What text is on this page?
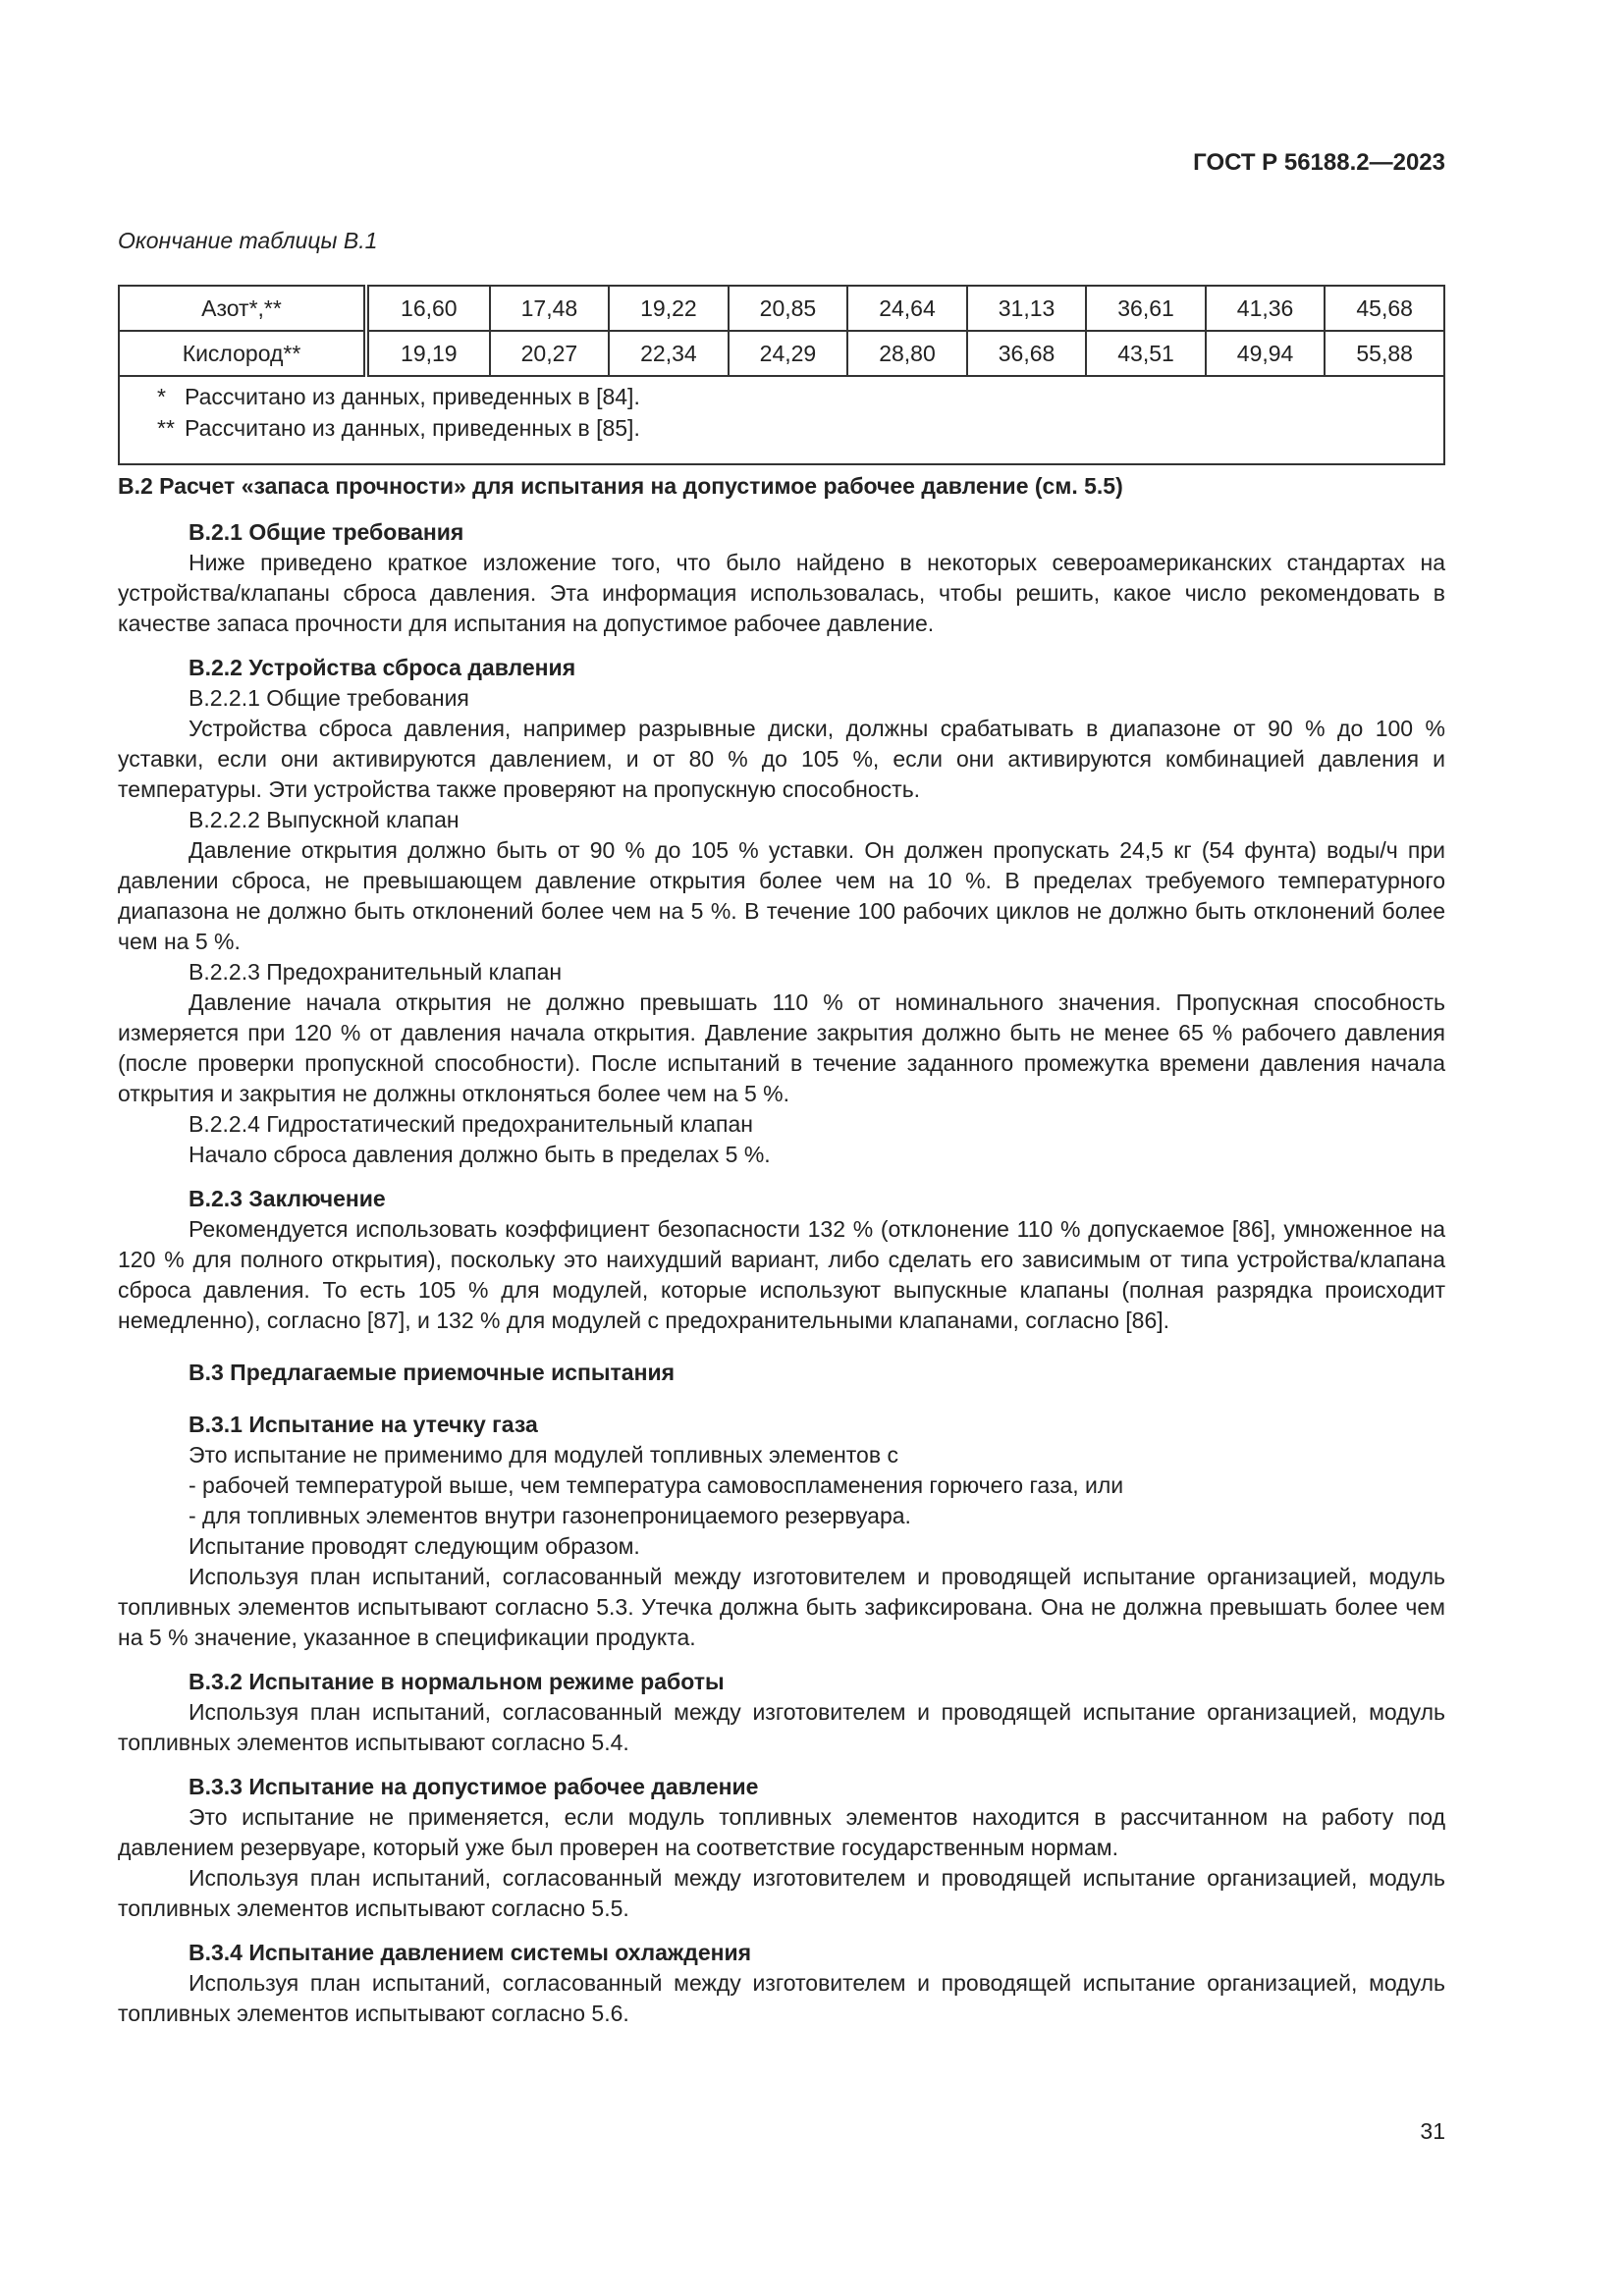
ГОСТ Р 56188.2—2023
Окончание таблицы В.1
Азот*,**	16,60	17,48	19,22	20,85	24,64	31,13	36,61	41,36	45,68
Кислород**	19,19	20,27	22,34	24,29	28,80	36,68	43,51	49,94	55,88

* Рассчитано из данных, приведенных в [84].
** Рассчитано из данных, приведенных в [85].									

В.2 Расчет «запаса прочности» для испытания на допустимое рабочее давление (см. 5.5)

В.2.1 Общие требования

Ниже приведено краткое изложение того, что было найдено в некоторых североамериканских стандартах на устройства/клапаны сброса давления. Эта информация использовалась, чтобы решить, какое число рекомендовать в качестве запаса прочности для испытания на допустимое рабочее давление.

В.2.2 Устройства сброса давления

В.2.2.1 Общие требования

Устройства сброса давления, например разрывные диски, должны срабатывать в диапазоне от 90 % до 100 % уставки, если они активируются давлением, и от 80 % до 105 %, если они активируются комбинацией давления и температуры. Эти устройства также проверяют на пропускную способность.

В.2.2.2 Выпускной клапан

Давление открытия должно быть от 90 % до 105 % уставки. Он должен пропускать 24,5 кг (54 фунта) воды/ч при давлении сброса, не превышающем давление открытия более чем на 10 %. В пределах требуемого температурного диапазона не должно быть отклонений более чем на 5 %. В течение 100 рабочих циклов не должно быть отклонений более чем на 5 %.

В.2.2.3 Предохранительный клапан

Давление начала открытия не должно превышать 110 % от номинального значения. Пропускная способность измеряется при 120 % от давления начала открытия. Давление закрытия должно быть не менее 65 % рабочего давления (после проверки пропускной способности). После испытаний в течение заданного промежутка времени давления начала открытия и закрытия не должны отклоняться более чем на 5 %.

В.2.2.4 Гидростатический предохранительный клапан

Начало сброса давления должно быть в пределах 5 %.

В.2.3 Заключение

Рекомендуется использовать коэффициент безопасности 132 % (отклонение 110 % допускаемое [86], умноженное на 120 % для полного открытия), поскольку это наихудший вариант, либо сделать его зависимым от типа устройства/клапана сброса давления. То есть 105 % для модулей, которые используют выпускные клапаны (полная разрядка происходит немедленно), согласно [87], и 132 % для модулей с предохранительными клапанами, согласно [86].

В.3 Предлагаемые приемочные испытания

В.3.1 Испытание на утечку газа

Это испытание не применимо для модулей топливных элементов с

- рабочей температурой выше, чем температура самовоспламенения горючего газа, или

- для топливных элементов внутри газонепроницаемого резервуара.

Испытание проводят следующим образом.

Используя план испытаний, согласованный между изготовителем и проводящей испытание организацией, модуль топливных элементов испытывают согласно 5.3. Утечка должна быть зафиксирована. Она не должна превышать более чем на 5 % значение, указанное в спецификации продукта.

В.3.2 Испытание в нормальном режиме работы

Используя план испытаний, согласованный между изготовителем и проводящей испытание организацией, модуль топливных элементов испытывают согласно 5.4.

В.3.3 Испытание на допустимое рабочее давление

Это испытание не применяется, если модуль топливных элементов находится в рассчитанном на работу под давлением резервуаре, который уже был проверен на соответствие государственным нормам.

Используя план испытаний, согласованный между изготовителем и проводящей испытание организацией, модуль топливных элементов испытывают согласно 5.5.

В.3.4 Испытание давлением системы охлаждения

Используя план испытаний, согласованный между изготовителем и проводящей испытание организацией, модуль топливных элементов испытывают согласно 5.6.

31
